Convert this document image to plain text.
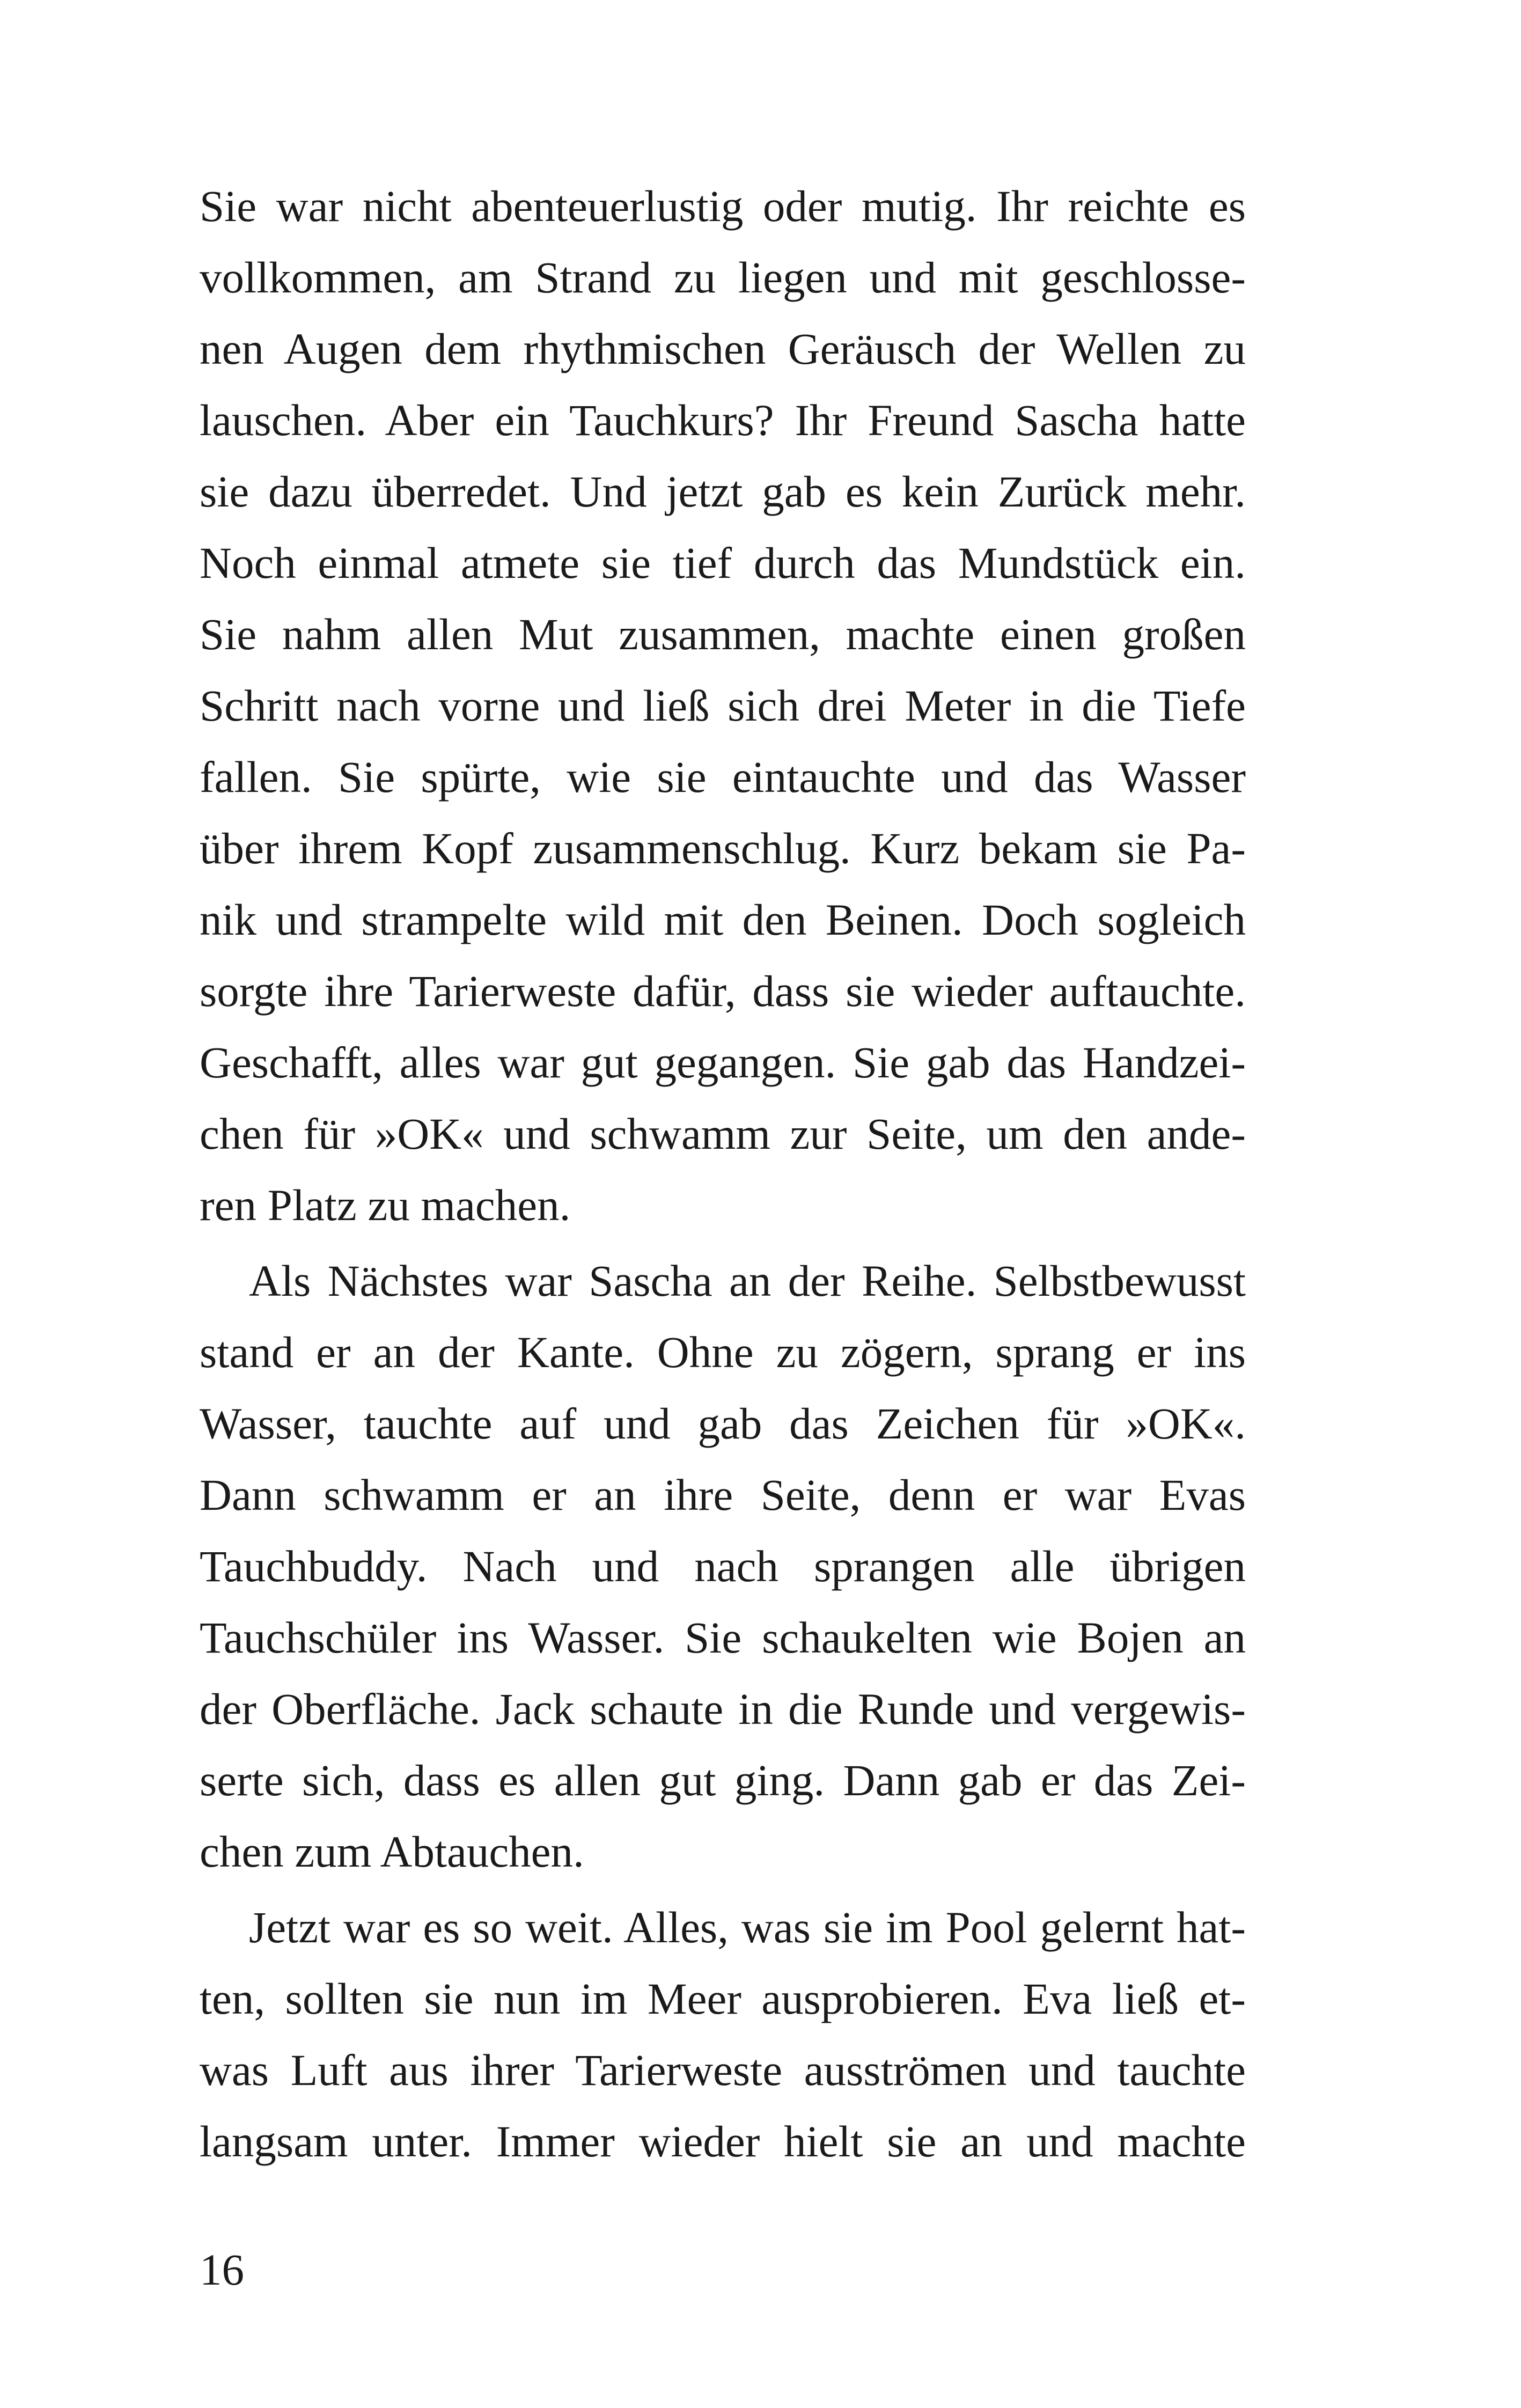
Sie war nicht abenteuerlustig oder mutig. Ihr reichte es
vollkommen, am Strand zu liegen und mit geschlosse-
nen Augen dem rhythmischen Geräusch der Wellen zu
lauschen. Aber ein Tauchkurs? Ihr Freund Sascha hatte
sie dazu überredet. Und jetzt gab es kein Zurück mehr.
Noch einmal atmete sie tief durch das Mundstück ein.
Sie nahm allen Mut zusammen, machte einen großen
Schritt nach vorne und ließ sich drei Meter in die Tiefe
fallen. Sie spürte, wie sie eintauchte und das Wasser
über ihrem Kopf zusammenschlug. Kurz bekam sie Pa-
nik und strampelte wild mit den Beinen. Doch sogleich
sorgte ihre Tarierweste dafür, dass sie wieder auftauchte.
Geschafft, alles war gut gegangen. Sie gab das Handzei-
chen für »OK« und schwamm zur Seite, um den ande-
ren Platz zu machen.
Als Nächstes war Sascha an der Reihe. Selbstbewusst
stand er an der Kante. Ohne zu zögern, sprang er ins
Wasser, tauchte auf und gab das Zeichen für »OK«.
Dann schwamm er an ihre Seite, denn er war Evas
Tauchbuddy. Nach und nach sprangen alle übrigen
Tauchschüler ins Wasser. Sie schaukelten wie Bojen an
der Oberfläche. Jack schaute in die Runde und vergewis-
serte sich, dass es allen gut ging. Dann gab er das Zei-
chen zum Abtauchen.
Jetzt war es so weit. Alles, was sie im Pool gelernt hat-
ten, sollten sie nun im Meer ausprobieren. Eva ließ et-
was Luft aus ihrer Tarierweste ausströmen und tauchte
langsam unter. Immer wieder hielt sie an und machte
16
